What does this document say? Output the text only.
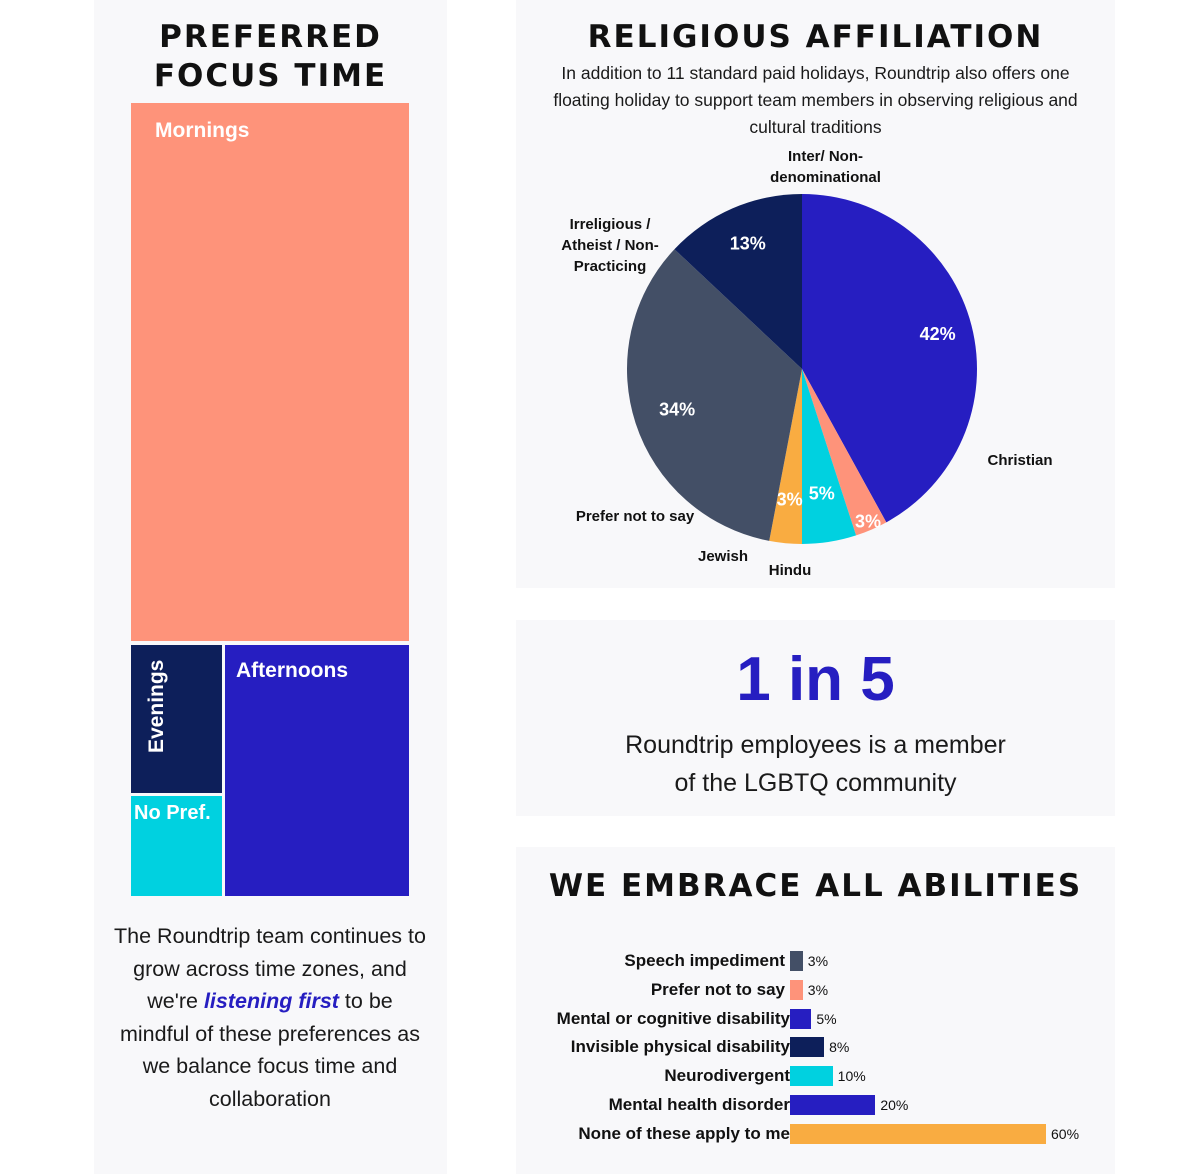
PREFERRED
FOCUS TIME
Mornings
Evenings
No Pref.
Afternoons
The Roundtrip team continues to grow across time zones, and we're listening first to be mindful of these preferences as we balance focus time and collaboration
RELIGIOUS AFFILIATION
In addition to 11 standard paid holidays, Roundtrip also offers one floating holiday to support team members in observing religious and cultural traditions
42%
3%
5%
3%
34%
13%
Inter/ Non-denominational
Irreligious / Atheist / Non-Practicing
Christian
Prefer not to say
Jewish
Hindu
1 in 5
Roundtrip employees is a member
of the LGBTQ community
WE EMBRACE ALL ABILITIES
Speech impediment 3%
Prefer not to say 3%
Mental or cognitive disability 5%
Invisible physical disability	8%
Neurodivergent	10%
Mental health disorder	20%
None of these apply to me	60%
